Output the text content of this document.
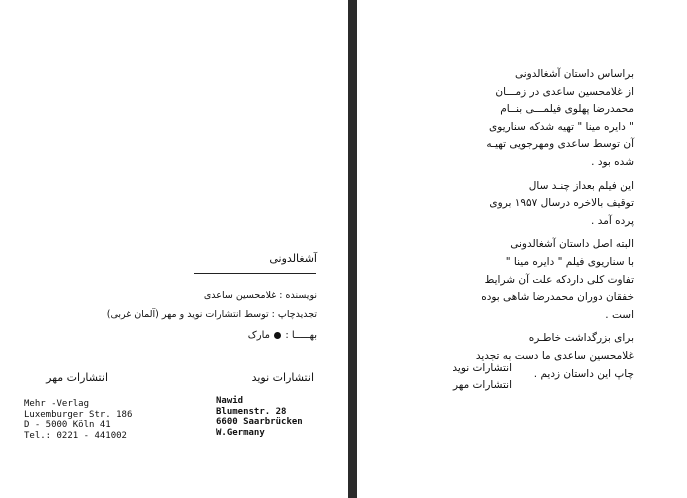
آشغالدونی
نویسنده : غلامحسین ساعدی
تجدیدچاپ : توسط انتشارات نوید و مهر (آلمان غربی)
بهـــــا :  مارک
انتشارات نوید
انتشارات مهر
Nawid
Blumenstr. 28
6600 Saarbrücken
W.Germany
Mehr -Verlag
Luxemburger Str. 186
D - 5000 Köln 41
Tel.: 0221 - 441002
براساس داستان آشغالدونی
از غلامحسین ساعدی در زمـــان
محمدرضا پهلوی فیلمـــی بنــام
" دایره مینا " تهیه شدکه سناریوی
آن توسط ساعدی ومهرجویی تهیـه
شده بود .
این فیلم بعداز چنـد سال
توقیف بالاخره درسال ۱۹۵۷ بروی
پرده آمد .
البته اصل داستان آشغالدونی
با سناریوی فیلم " دایره مینا "
تفاوت کلی داردکه علت آن شرایط
خفقان دوران محمدرضا شاهی بوده
است .
برای بزرگداشت خاطـره
غلامحسین ساعدی ما دست به تجدید
چاپ این داستان زدیم .
انتشارات نوید
انتشارات مهر
